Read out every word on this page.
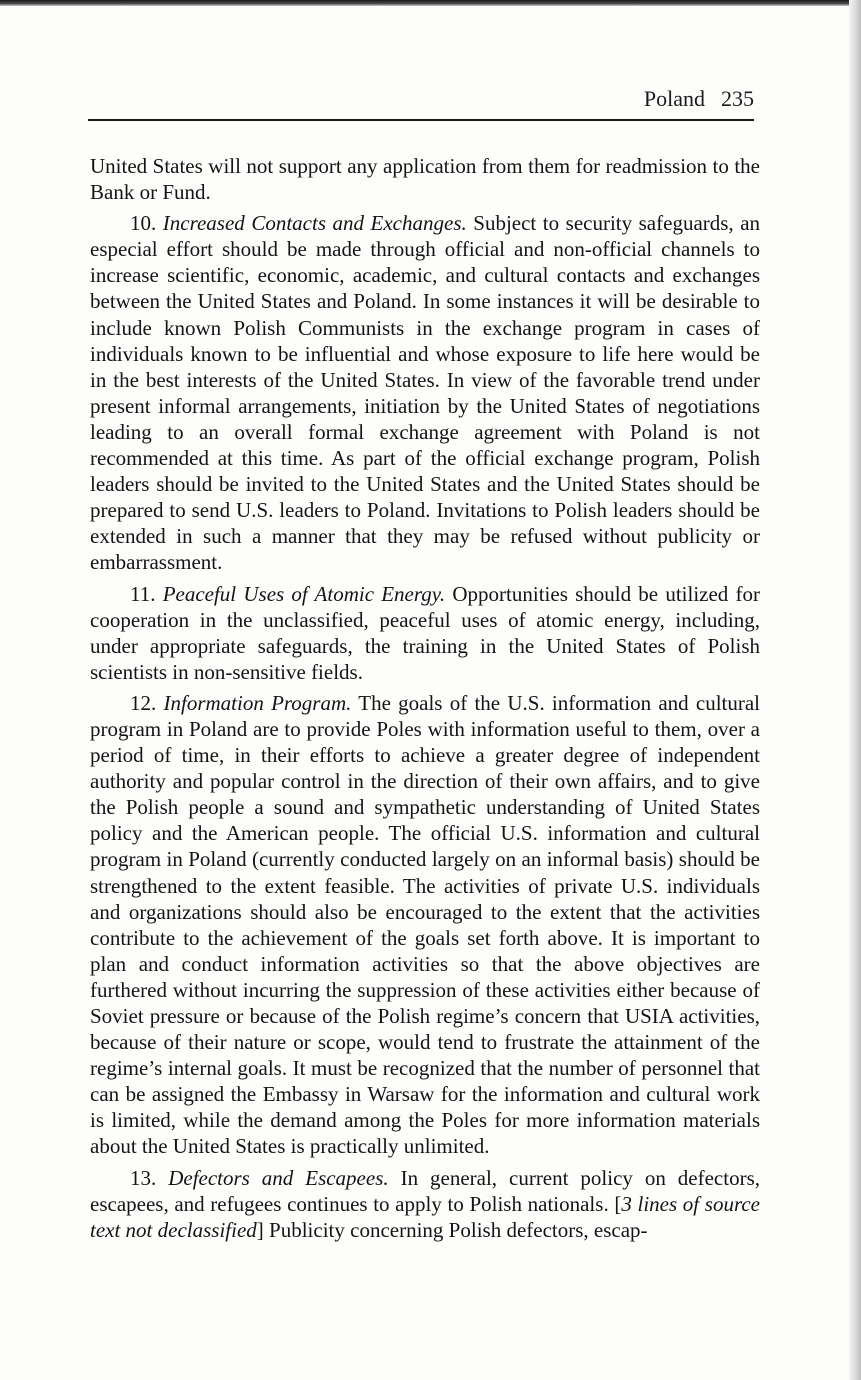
Poland 235

United States will not support any application from them for readmission to the Bank or Fund.

10. Increased Contacts and Exchanges. Subject to security safeguards, an especial effort should be made through official and non-official channels to increase scientific, economic, academic, and cultural contacts and exchanges between the United States and Poland. In some instances it will be desirable to include known Polish Communists in the exchange program in cases of individuals known to be influential and whose exposure to life here would be in the best interests of the United States. In view of the favorable trend under present informal arrangements, initiation by the United States of negotiations leading to an overall formal exchange agreement with Poland is not recommended at this time. As part of the official exchange program, Polish leaders should be invited to the United States and the United States should be prepared to send U.S. leaders to Poland. Invitations to Polish leaders should be extended in such a manner that they may be refused without publicity or embarrassment.

11. Peaceful Uses of Atomic Energy. Opportunities should be utilized for cooperation in the unclassified, peaceful uses of atomic energy, including, under appropriate safeguards, the training in the United States of Polish scientists in non-sensitive fields.

12. Information Program. The goals of the U.S. information and cultural program in Poland are to provide Poles with information useful to them, over a period of time, in their efforts to achieve a greater degree of independent authority and popular control in the direction of their own affairs, and to give the Polish people a sound and sympathetic understanding of United States policy and the American people. The official U.S. information and cultural program in Poland (currently conducted largely on an informal basis) should be strengthened to the extent feasible. The activities of private U.S. individuals and organizations should also be encouraged to the extent that the activities contribute to the achievement of the goals set forth above. It is important to plan and conduct information activities so that the above objectives are furthered without incurring the suppression of these activities either because of Soviet pressure or because of the Polish regime’s concern that USIA activities, because of their nature or scope, would tend to frustrate the attainment of the regime’s internal goals. It must be recognized that the number of personnel that can be assigned the Embassy in Warsaw for the information and cultural work is limited, while the demand among the Poles for more information materials about the United States is practically unlimited.

13. Defectors and Escapees. In general, current policy on defectors, escapees, and refugees continues to apply to Polish nationals. [3 lines of source text not declassified] Publicity concerning Polish defectors, escap-
